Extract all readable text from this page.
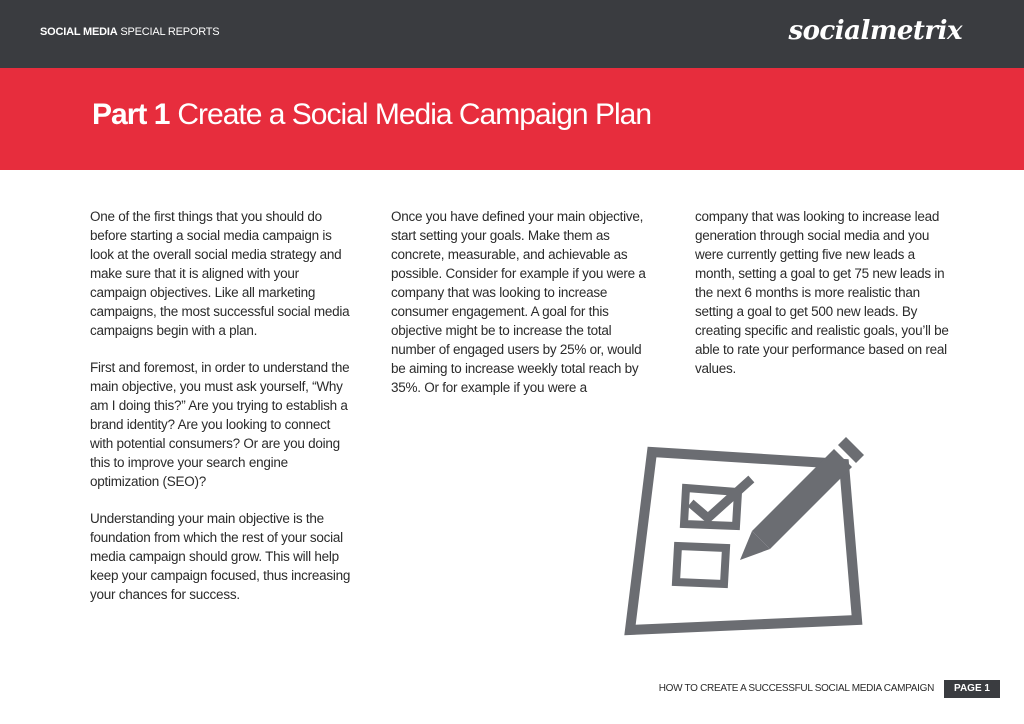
SOCIAL MEDIA SPECIAL REPORTS	socialmetrix
Part 1 Create a Social Media Campaign Plan

One of the first things that you should do before starting a social media campaign is look at the overall social media strategy and make sure that it is aligned with your campaign objectives. Like all marketing campaigns, the most successful social media campaigns begin with a plan.

First and foremost, in order to understand the main objective, you must ask yourself, “Why am I doing this?” Are you trying to establish a brand identity? Are you looking to connect with potential consumers? Or are you doing this to improve your search engine optimization (SEO)?

Understanding your main objective is the foundation from which the rest of your social media campaign should grow. This will help keep your campaign focused, thus increasing your chances for success.

Once you have defined your main objective, start setting your goals. Make them as concrete, measurable, and achievable as possible. Consider for example if you were a company that was looking to increase consumer engagement. A goal for this objective might be to increase the total number of engaged users by 25% or, would be aiming to increase weekly total reach by 35%. Or for example if you were a

company that was looking to increase lead generation through social media and you were currently getting five new leads a month, setting a goal to get 75 new leads in the next 6 months is more realistic than setting a goal to get 500 new leads. By creating specific and realistic goals, you’ll be able to rate your performance based on real values.

HOW TO CREATE A SUCCESSFUL SOCIAL MEDIA CAMPAIGN	PAGE 1
